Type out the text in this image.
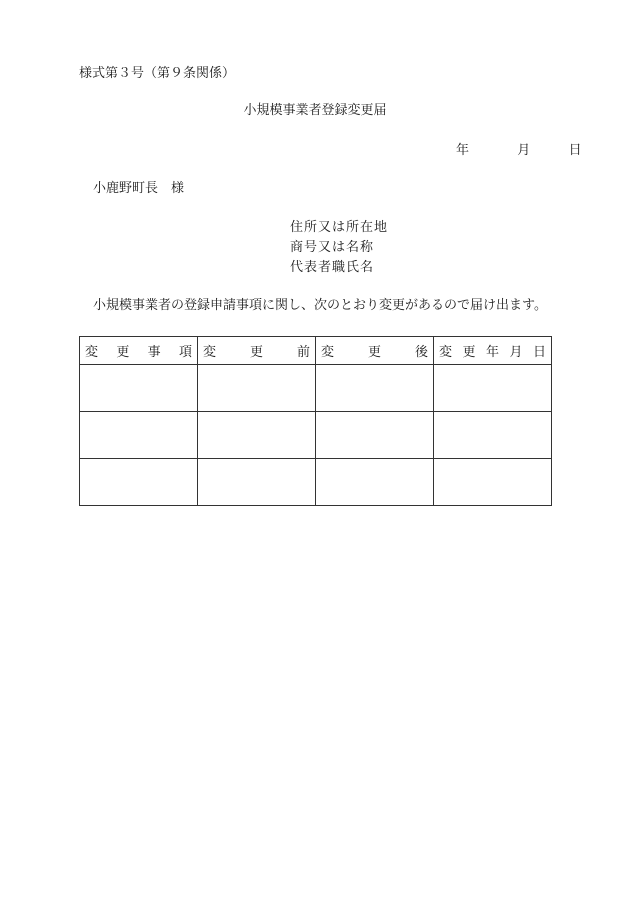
様式第３号（第９条関係）
小規模事業者登録変更届
年	月	日
小鹿野町長　様
住所又は所在地
商号又は名称
代表者職氏名
小規模事業者の登録申請事項に関し、次のとおり変更があるので届け出ます。
変 更 事 項	変 更 前	変 更 後	変 更 年 月 日
